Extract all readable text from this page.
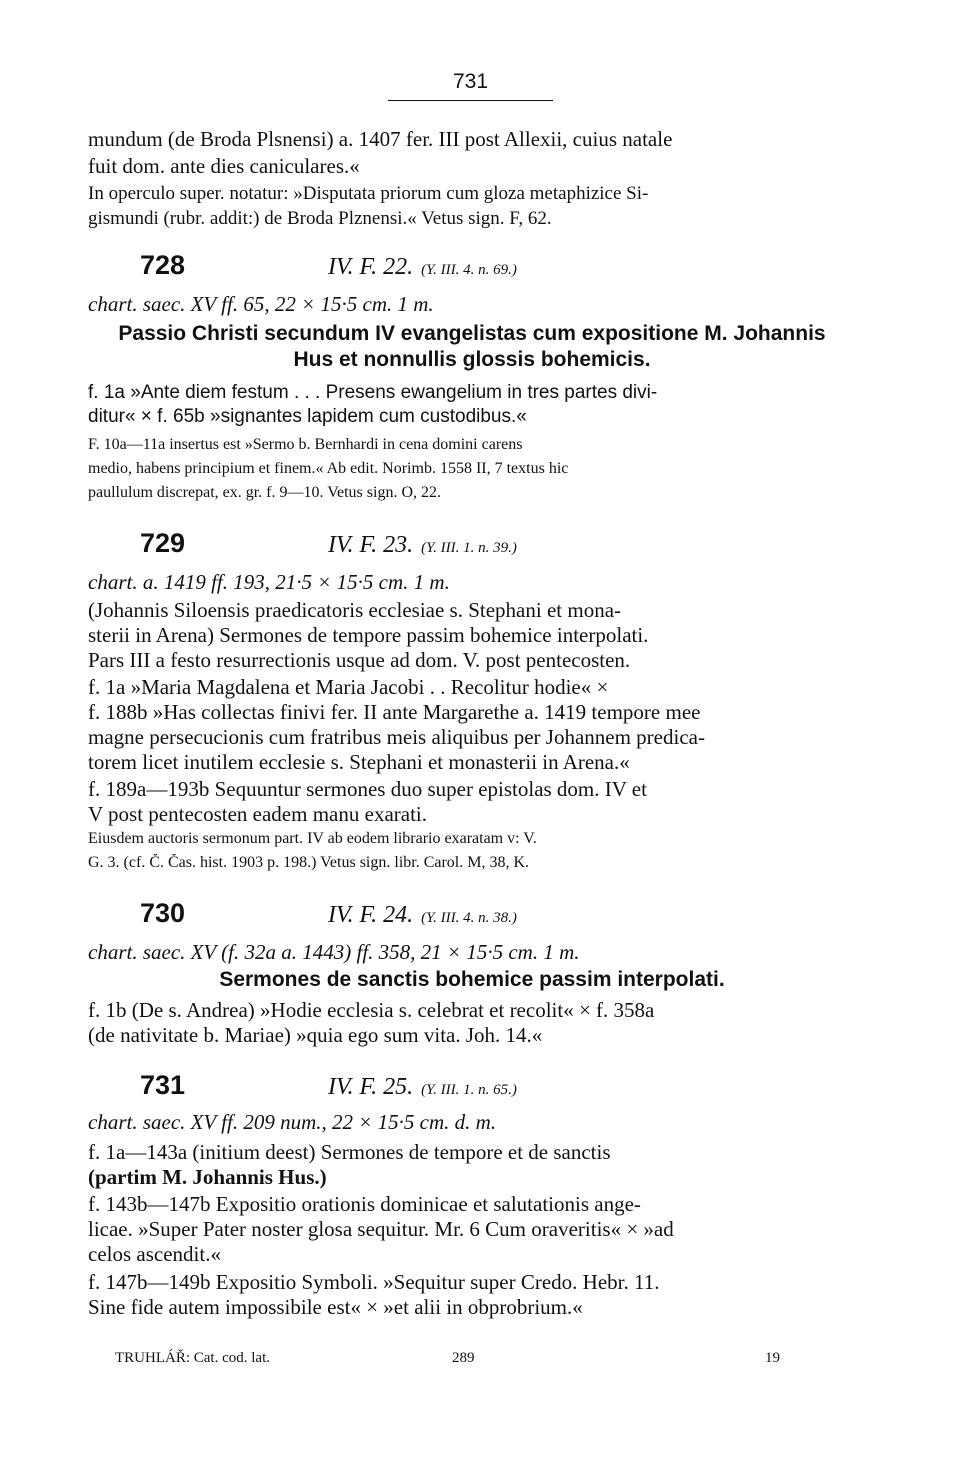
731
mundum (de Broda Plsnensi) a. 1407 fer. III post Allexii, cuius natale
fuit dom. ante dies caniculares.«
In operculo super. notatur: »Disputata priorum cum gloza metaphizice Si-
gismundi (rubr. addit:) de Broda Plznensi.« Vetus sign. F, 62.
728	IV. F. 22. (Y. III. 4. n. 69.)
chart. saec. XV ff. 65, 22 × 15·5 cm. 1 m.
Passio Christi secundum IV evangelistas cum expositione M. Johannis
Hus et nonnullis glossis bohemicis.
f. 1a »Ante diem festum . . . Presens ewangelium in tres partes divi-
ditur« × f. 65b »signantes lapidem cum custodibus.«
F. 10a—11a insertus est »Sermo b. Bernhardi in cena domini carens
medio, habens principium et finem.« Ab edit. Norimb. 1558 II, 7 textus hic
paullulum discrepat, ex. gr. f. 9—10. Vetus sign. O, 22.
729	IV. F. 23. (Y. III. 1. n. 39.)
chart. a. 1419 ff. 193, 21·5 × 15·5 cm. 1 m.
(Johannis Siloensis praedicatoris ecclesiae s. Stephani et mona-
sterii in Arena) Sermones de tempore passim bohemice interpolati.
Pars III a festo resurrectionis usque ad dom. V. post pentecosten.
f. 1a »Maria Magdalena et Maria Jacobi . . Recolitur hodie« ×
f. 188b »Has collectas finivi fer. II ante Margarethe a. 1419 tempore mee
magne persecucionis cum fratribus meis aliquibus per Johannem predica-
torem licet inutilem ecclesie s. Stephani et monasterii in Arena.«
f. 189a—193b Sequuntur sermones duo super epistolas dom. IV et
V post pentecosten eadem manu exarati.
Eiusdem auctoris sermonum part. IV ab eodem librario exaratam v: V.
G. 3. (cf. Č. Čas. hist. 1903 p. 198.) Vetus sign. libr. Carol. M, 38, K.
730	IV. F. 24. (Y. III. 4. n. 38.)
chart. saec. XV (f. 32a a. 1443) ff. 358, 21 × 15·5 cm. 1 m.
Sermones de sanctis bohemice passim interpolati.
f. 1b (De s. Andrea) »Hodie ecclesia s. celebrat et recolit« × f. 358a
(de nativitate b. Mariae) »quia ego sum vita. Joh. 14.«
731	IV. F. 25. (Y. III. 1. n. 65.)
chart. saec. XV ff. 209 num., 22 × 15·5 cm. d. m.
f. 1a—143a (initium deest) Sermones de tempore et de sanctis
(partim M. Johannis Hus.)
f. 143b—147b Expositio orationis dominicae et salutationis ange-
licae. »Super Pater noster glosa sequitur. Mr. 6 Cum oraveritis« × »ad
celos ascendit.«
f. 147b—149b Expositio Symboli. »Sequitur super Credo. Hebr. 11.
Sine fide autem impossibile est« × »et alii in obprobrium.«
TRUHLÁŘ: Cat. cod. lat.	289	19
